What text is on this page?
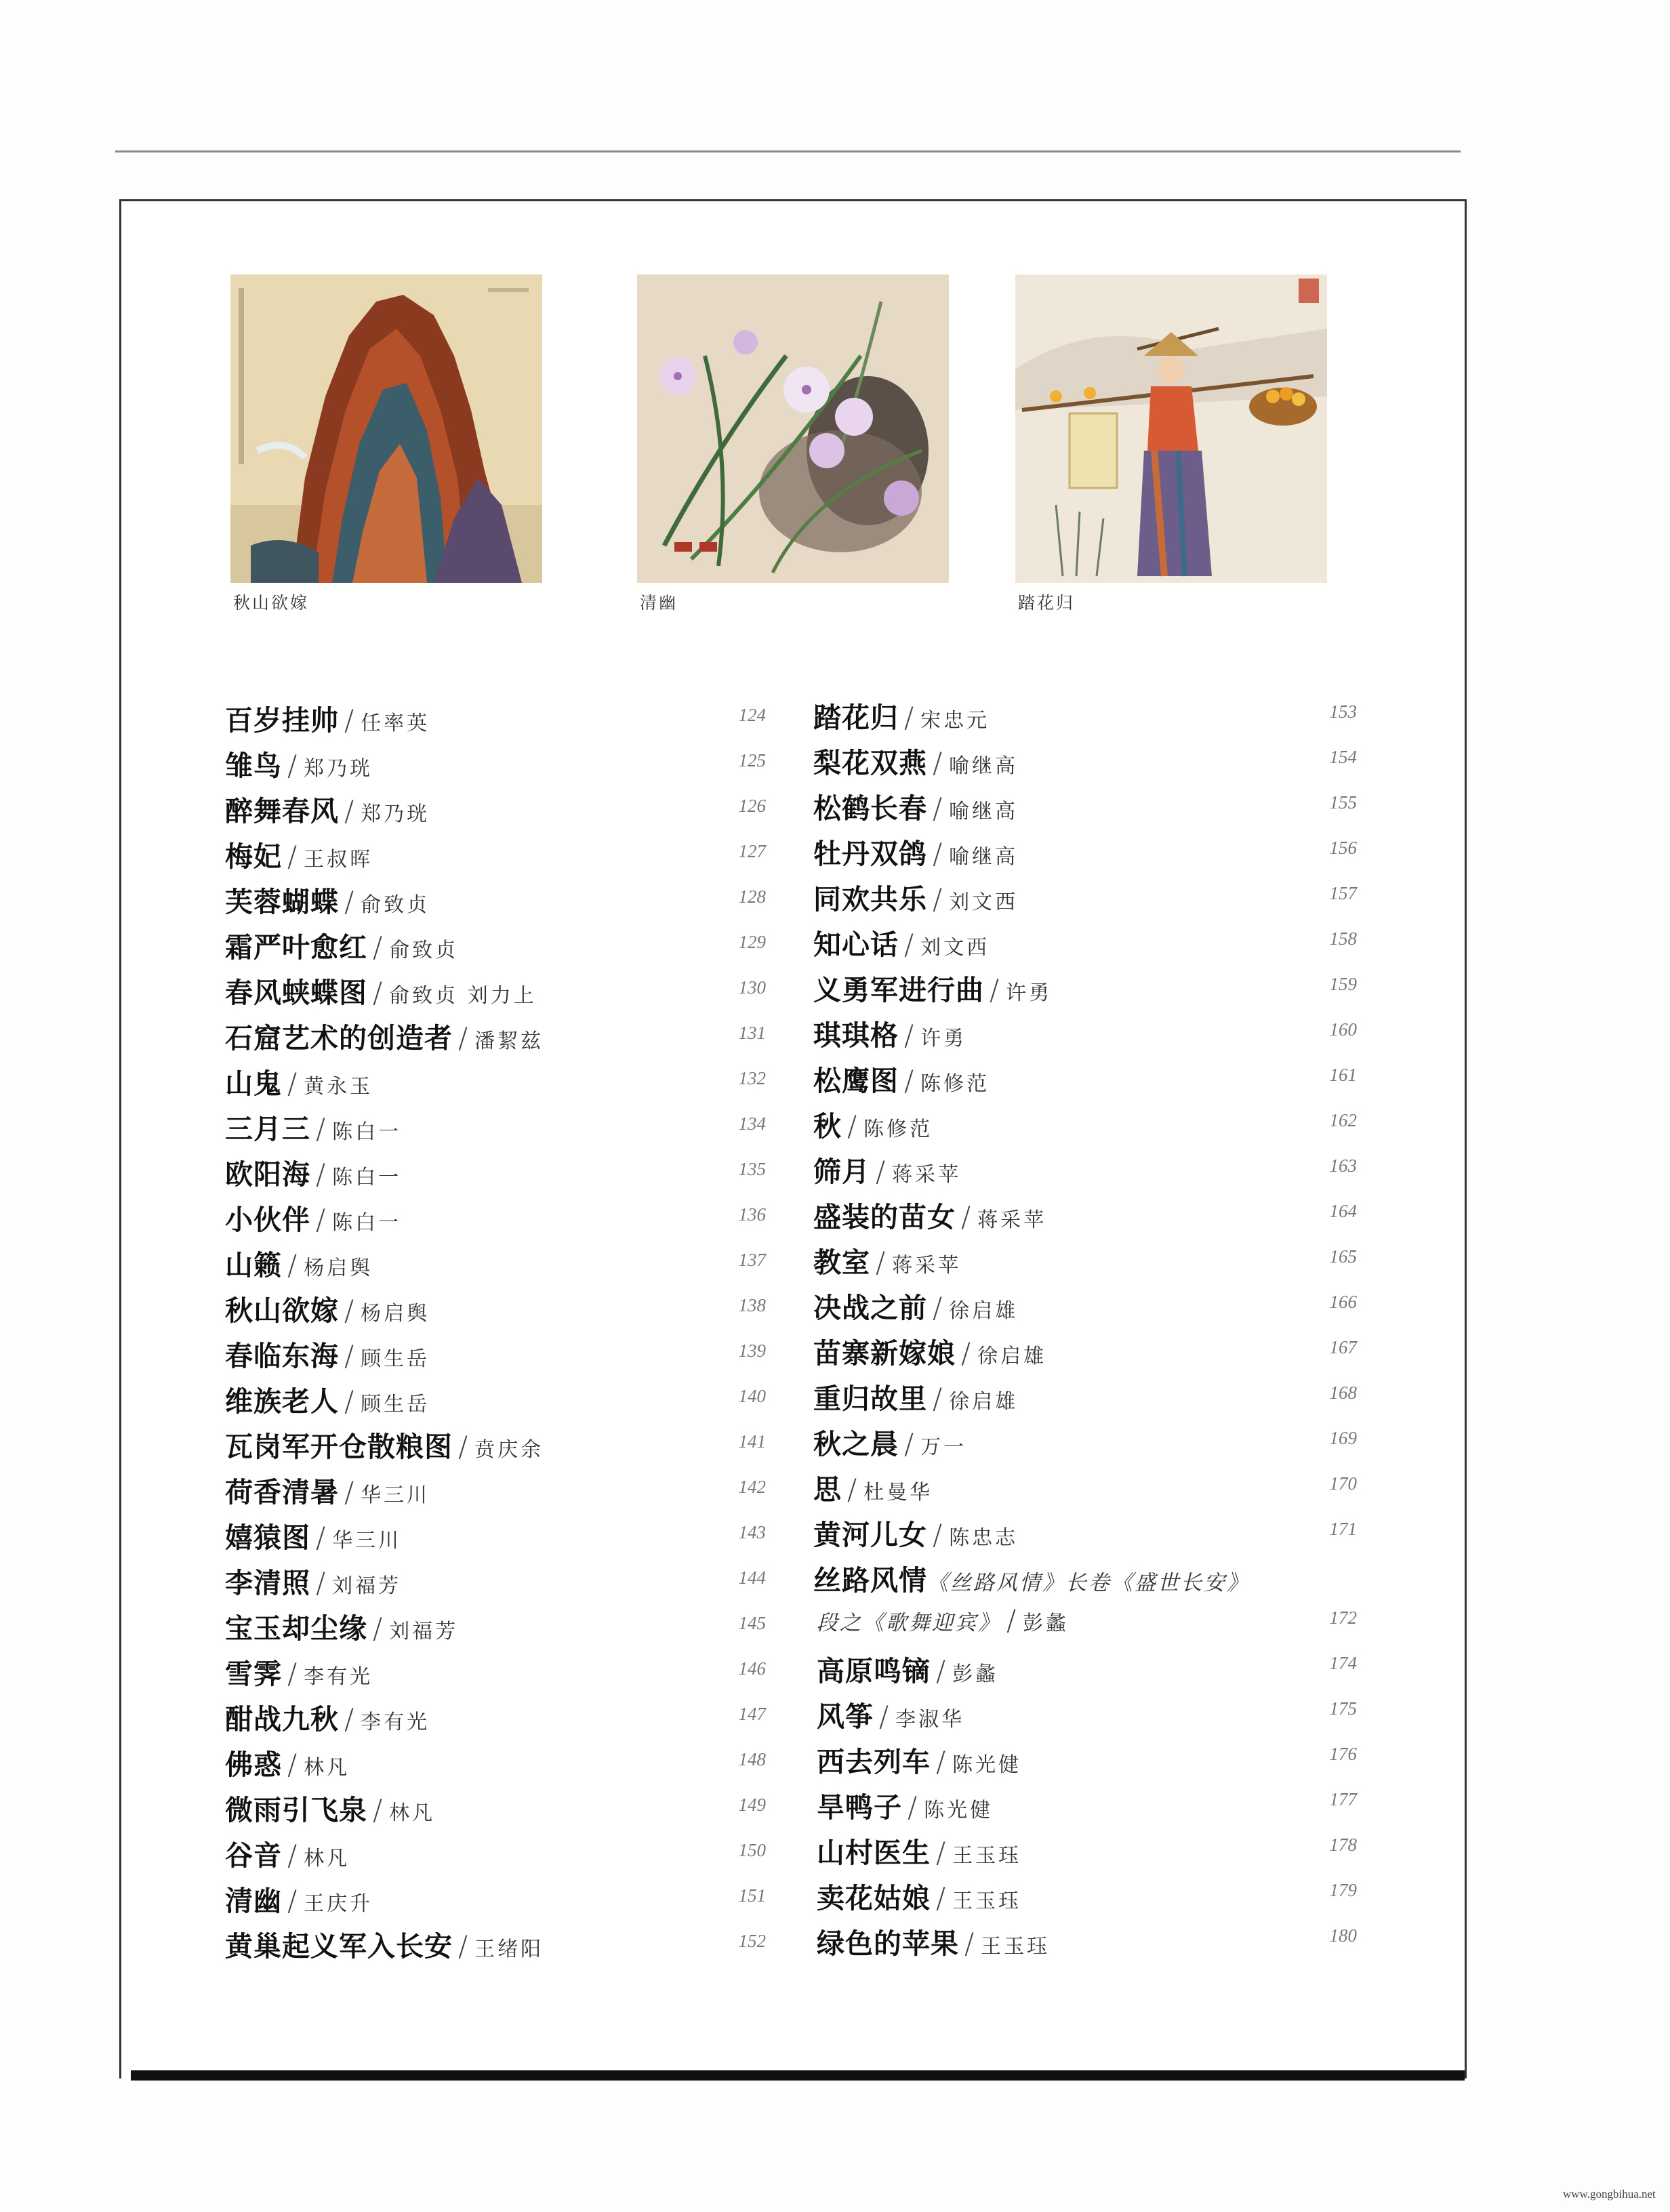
秋山欲嫁	清幽	踏花归
百岁挂帅 / 任率英	124
雏鸟 / 郑乃珖	125
醉舞春风 / 郑乃珖	126
梅妃 / 王叔晖	127
芙蓉蝴蝶 / 俞致贞	128
霜严叶愈红 / 俞致贞	129
春风蛱蝶图 / 俞致贞 刘力上	130
石窟艺术的创造者 / 潘絜兹	131
山鬼 / 黄永玉	132
三月三 / 陈白一	134
欧阳海 / 陈白一	135
小伙伴 / 陈白一	136
山籁 / 杨启舆	137
秋山欲嫁 / 杨启舆	138
春临东海 / 顾生岳	139
维族老人 / 顾生岳	140
瓦岗军开仓散粮图 / 贲庆余	141
荷香清暑 / 华三川	142
嬉猿图 / 华三川	143
李清照 / 刘福芳	144
宝玉却尘缘 / 刘福芳	145
雪霁 / 李有光	146
酣战九秋 / 李有光	147
佛惑 / 林凡	148
微雨引飞泉 / 林凡	149
谷音 / 林凡	150
清幽 / 王庆升	151
黄巢起义军入长安 / 王绪阳	152
踏花归 / 宋忠元	153
梨花双燕 / 喻继高	154
松鹤长春 / 喻继高	155
牡丹双鸽 / 喻继高	156
同欢共乐 / 刘文西	157
知心话 / 刘文西	158
义勇军进行曲 / 许勇	159
琪琪格 / 许勇	160
松鹰图 / 陈修范	161
秋 / 陈修范	162
筛月 / 蒋采苹	163
盛装的苗女 / 蒋采苹	164
教室 / 蒋采苹	165
决战之前 / 徐启雄	166
苗寨新嫁娘 / 徐启雄	167
重归故里 / 徐启雄	168
秋之晨 / 万一	169
思 / 杜曼华	170
黄河儿女 / 陈忠志	171
丝路风情 《丝路风情》长卷《盛世长安》
段之《歌舞迎宾》 / 彭蠡	172
高原鸣镝 / 彭蠡	174
风筝 / 李淑华	175
西去列车 / 陈光健	176
旱鸭子 / 陈光健	177
山村医生 / 王玉珏	178
卖花姑娘 / 王玉珏	179
绿色的苹果 / 王玉珏	180
www.gongbihua.net
